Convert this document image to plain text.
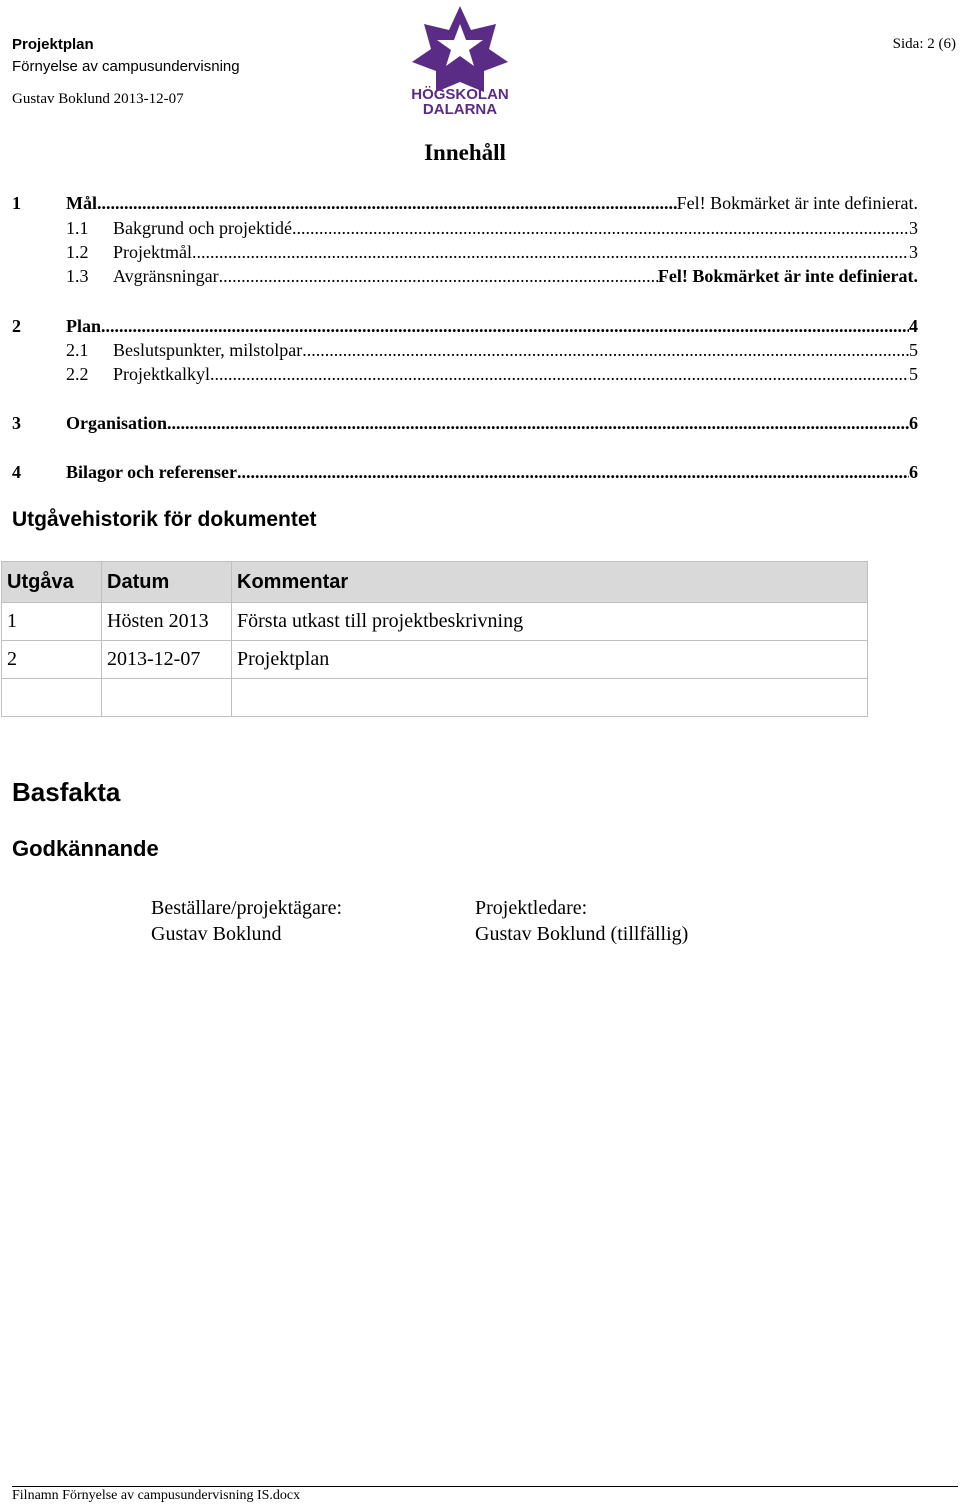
Projektplan
Förnyelse av campusundervisning
Gustav Boklund 2013-12-07
Sida: 2 (6)
HÖGSKOLAN
DALARNA
Innehåll
1	Mål .....	Fel! Bokmärket är inte definierat.
1.1	Bakgrund och projektidé .....	3
1.2	Projektmål .....	3
1.3	Avgränsningar .....	Fel! Bokmärket är inte definierat.
2	Plan .....	4
2.1	Beslutspunkter, milstolpar .....	5
2.2	Projektkalkyl .....	5
3	Organisation .....	6
4	Bilagor och referenser .....	6
Utgåvehistorik för dokumentet
Utgåva	Datum	Kommentar
1	Hösten 2013	Första utkast till projektbeskrivning
2	2013-12-07	Projektplan

Basfakta
Godkännande
Beställare/projektägare:
Gustav Boklund
Projektledare:
Gustav Boklund (tillfällig)
Filnamn Förnyelse av campusundervisning IS.docx
